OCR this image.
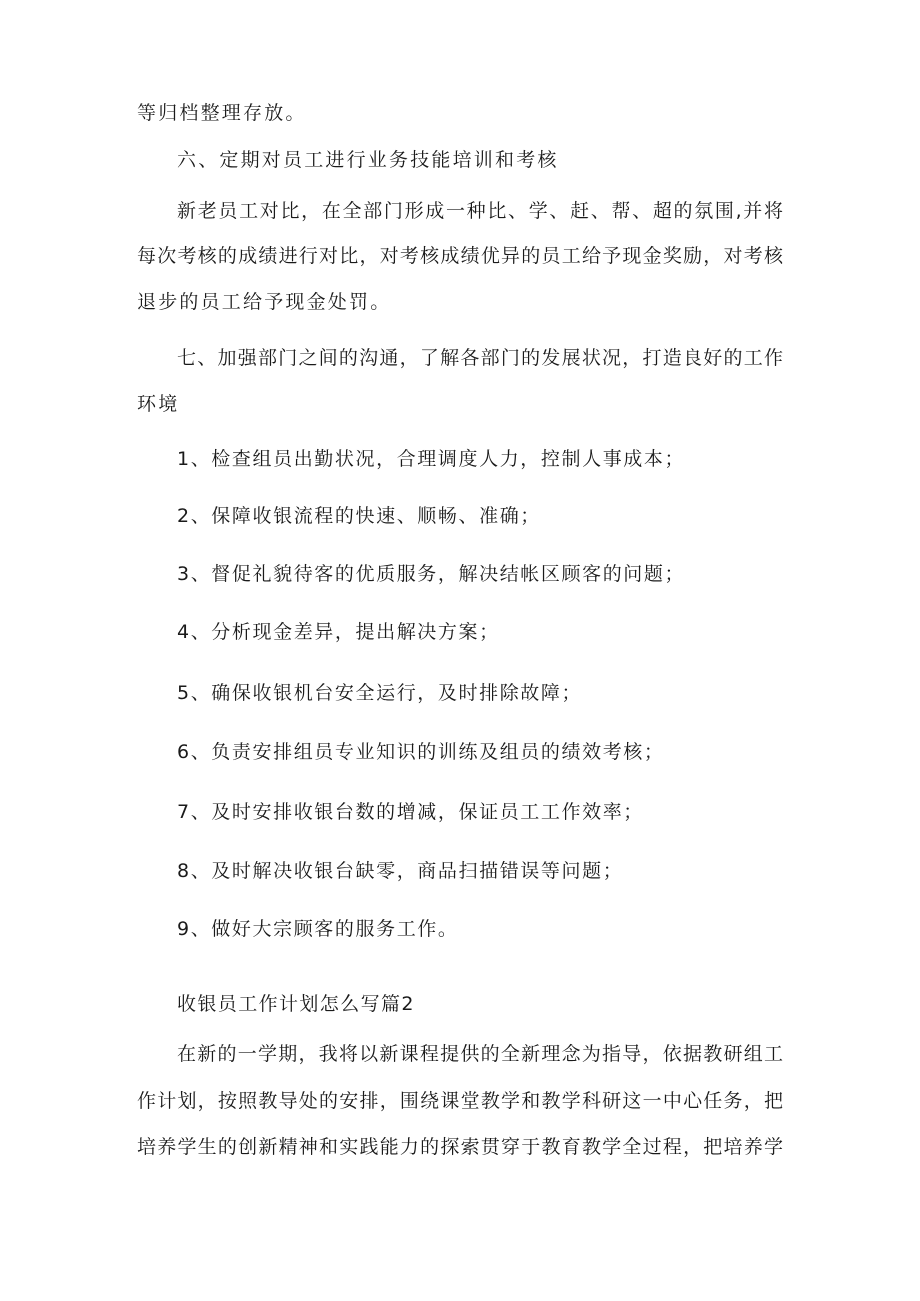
等归档整理存放。
六、定期对员工进行业务技能培训和考核
新老员工对比，在全部门形成一种比、学、赶、帮、超的氛围,并将
每次考核的成绩进行对比，对考核成绩优异的员工给予现金奖励，对考核
退步的员工给予现金处罚。
七、加强部门之间的沟通，了解各部门的发展状况，打造良好的工作
环境
1、检查组员出勤状况，合理调度人力，控制人事成本；
2、保障收银流程的快速、顺畅、准确；
3、督促礼貌待客的优质服务，解决结帐区顾客的问题；
4、分析现金差异，提出解决方案；
5、确保收银机台安全运行，及时排除故障；
6、负责安排组员专业知识的训练及组员的绩效考核；
7、及时安排收银台数的增减，保证员工工作效率；
8、及时解决收银台缺零，商品扫描错误等问题；
9、做好大宗顾客的服务工作。
收银员工作计划怎么写篇2
在新的一学期，我将以新课程提供的全新理念为指导，依据教研组工
作计划，按照教导处的安排，围绕课堂教学和教学科研这一中心任务，把
培养学生的创新精神和实践能力的探索贯穿于教育教学全过程，把培养学
